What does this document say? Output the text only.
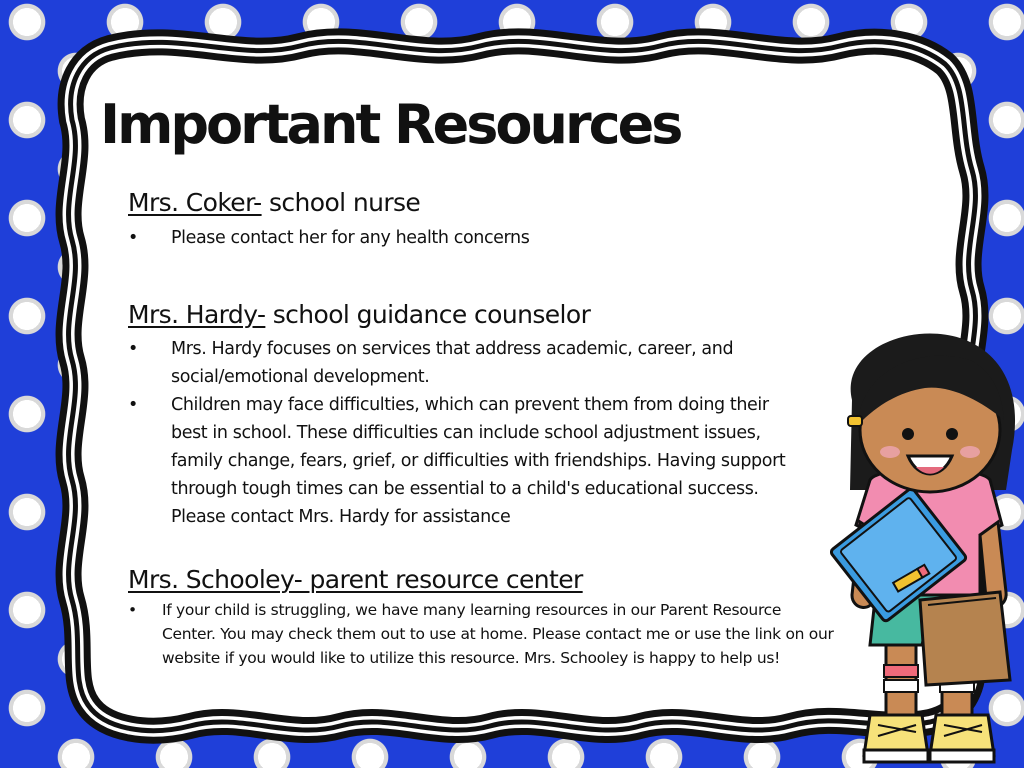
Important Resources
Mrs. Coker- school nurse
•	Please contact her for any health concerns
Mrs. Hardy- school guidance counselor
•	Mrs. Hardy focuses on services that address academic, career, and social/emotional development.
•	Children may face difficulties, which can prevent them from doing their best in school. These difficulties can include school adjustment issues, family change, fears, grief, or difficulties with friendships. Having support through tough times can be essential to a child's educational success. Please contact Mrs. Hardy for assistance
Mrs. Schooley- parent resource center
•	If your child is struggling, we have many learning resources in our Parent Resource Center. You may check them out to use at home. Please contact me or use the link on our website if you would like to utilize this resource. Mrs. Schooley is happy to help us!
